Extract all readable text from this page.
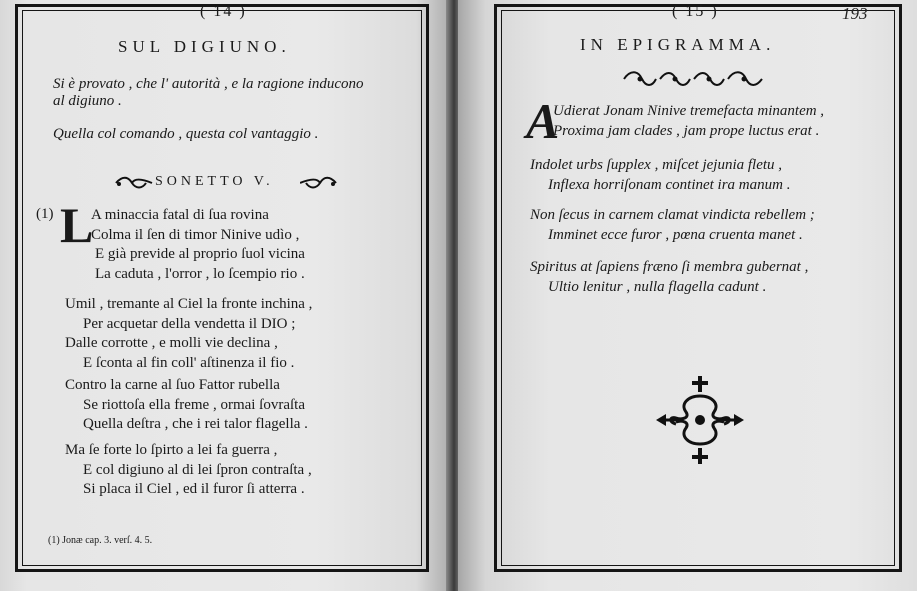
( 14 )
SUL DIGIUNO.
Si è provato , che l' autorità , e la ragione inducono
al digiuno .
Quella col comando , questa col vantaggio .
SONETTO V.
(1) L
A minaccia fatal di ſua rovina
Colma il ſen di timor Ninive udìo ,
E già previde al proprio ſuol vicina
La caduta , l'orror , lo ſcempio rio .
Umil , tremante al Ciel la fronte inchina ,
Per acquetar della vendetta il DIO ;
Dalle corrotte , e molli vie declina ,
E ſconta al fin coll' aſtinenza il fio .
Contro la carne al ſuo Fattor rubella
Se riottoſa ella freme , ormai ſovraſta
Quella deſtra , che i rei talor flagella .
Ma ſe forte lo ſpirto a lei fa guerra ,
E col digiuno al di lei ſpron contraſta ,
Si placa il Ciel , ed il furor ſi atterra .
(1) Jonæ cap. 3. verſ. 4. 5.
( 15 )	193
IN EPIGRAMMA.
A
Udierat Jonam Ninive tremefacta minantem ,
Proxima jam clades , jam prope luctus erat .
Indolet urbs ſupplex , miſcet jejunia fletu ,
Inflexa horriſonam continet ira manum .
Non ſecus in carnem clamat vindicta rebellem ;
Imminet ecce furor , pœna cruenta manet .
Spiritus at ſapiens fræno ſi membra gubernat ,
Ultio lenitur , nulla flagella cadunt .
